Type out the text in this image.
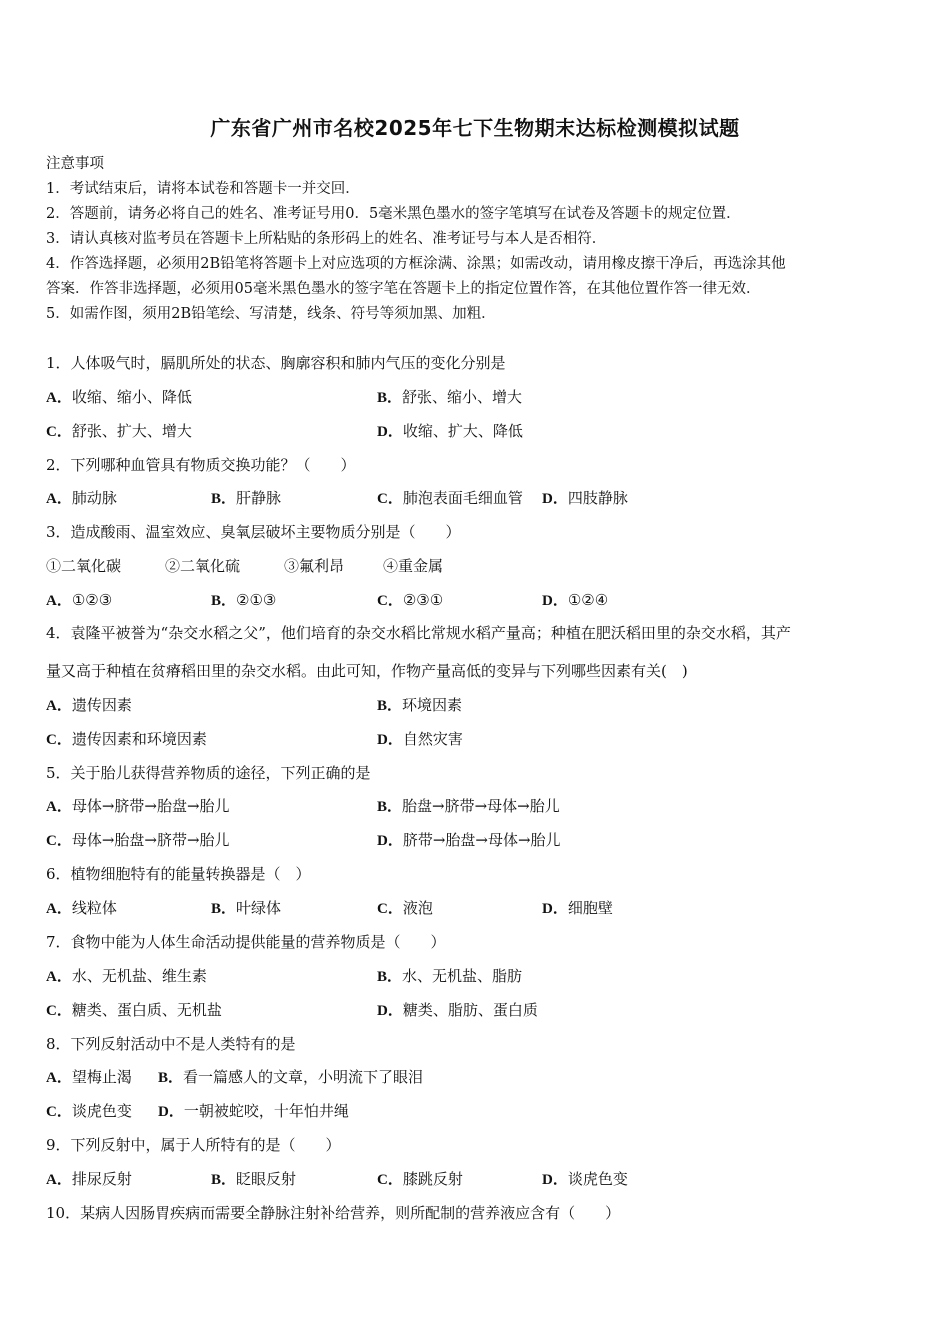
广东省广州市名校2025年七下生物期末达标检测模拟试题
注意事项
1．考试结束后，请将本试卷和答题卡一并交回．
2．答题前，请务必将自己的姓名、准考证号用0．5毫米黑色墨水的签字笔填写在试卷及答题卡的规定位置．
3．请认真核对监考员在答题卡上所粘贴的条形码上的姓名、准考证号与本人是否相符．
4．作答选择题，必须用2B铅笔将答题卡上对应选项的方框涂满、涂黑；如需改动，请用橡皮擦干净后，再选涂其他
答案．作答非选择题，必须用05毫米黑色墨水的签字笔在答题卡上的指定位置作答，在其他位置作答一律无效．
5．如需作图，须用2B铅笔绘、写清楚，线条、符号等须加黑、加粗．
1．人体吸气时，膈肌所处的状态、胸廓容积和肺内气压的变化分别是
A．收缩、缩小、降低	B．舒张、缩小、增大
C．舒张、扩大、增大	D．收缩、扩大、降低
2．下列哪种血管具有物质交换功能？（　　）
A．肺动脉	B．肝静脉	C．肺泡表面毛细血管 D．四肢静脉
3．造成酸雨、温室效应、臭氧层破坏主要物质分别是（　　）
①二氧化碳	②二氧化硫	③氟利昂	④重金属
A．①②③	B．②①③	C．②③①	D．①②④
4．袁隆平被誉为“杂交水稻之父”，他们培育的杂交水稻比常规水稻产量高；种植在肥沃稻田里的杂交水稻，其产
量又高于种植在贫瘠稻田里的杂交水稻。由此可知，作物产量高低的变异与下列哪些因素有关(　)
A．遗传因素	B．环境因素
C．遗传因素和环境因素	D．自然灾害
5．关于胎儿获得营养物质的途径，下列正确的是
A．母体→脐带→胎盘→胎儿	B．胎盘→脐带→母体→胎儿
C．母体→胎盘→脐带→胎儿	D．脐带→胎盘→母体→胎儿
6．植物细胞特有的能量转换器是（　）
A．线粒体	B．叶绿体	C．液泡	D．细胞壁
7．食物中能为人体生命活动提供能量的营养物质是（　　）
A．水、无机盐、维生素	B．水、无机盐、脂肪
C．糖类、蛋白质、无机盐	D．糖类、脂肪、蛋白质
8．下列反射活动中不是人类特有的是
A．望梅止渴 B．看一篇感人的文章，小明流下了眼泪
C．谈虎色变 D．一朝被蛇咬，十年怕井绳
9．下列反射中，属于人所特有的是（　　）
A．排尿反射	B．眨眼反射	C．膝跳反射	D．谈虎色变
10．某病人因肠胃疾病而需要全静脉注射补给营养，则所配制的营养液应含有（　　）
